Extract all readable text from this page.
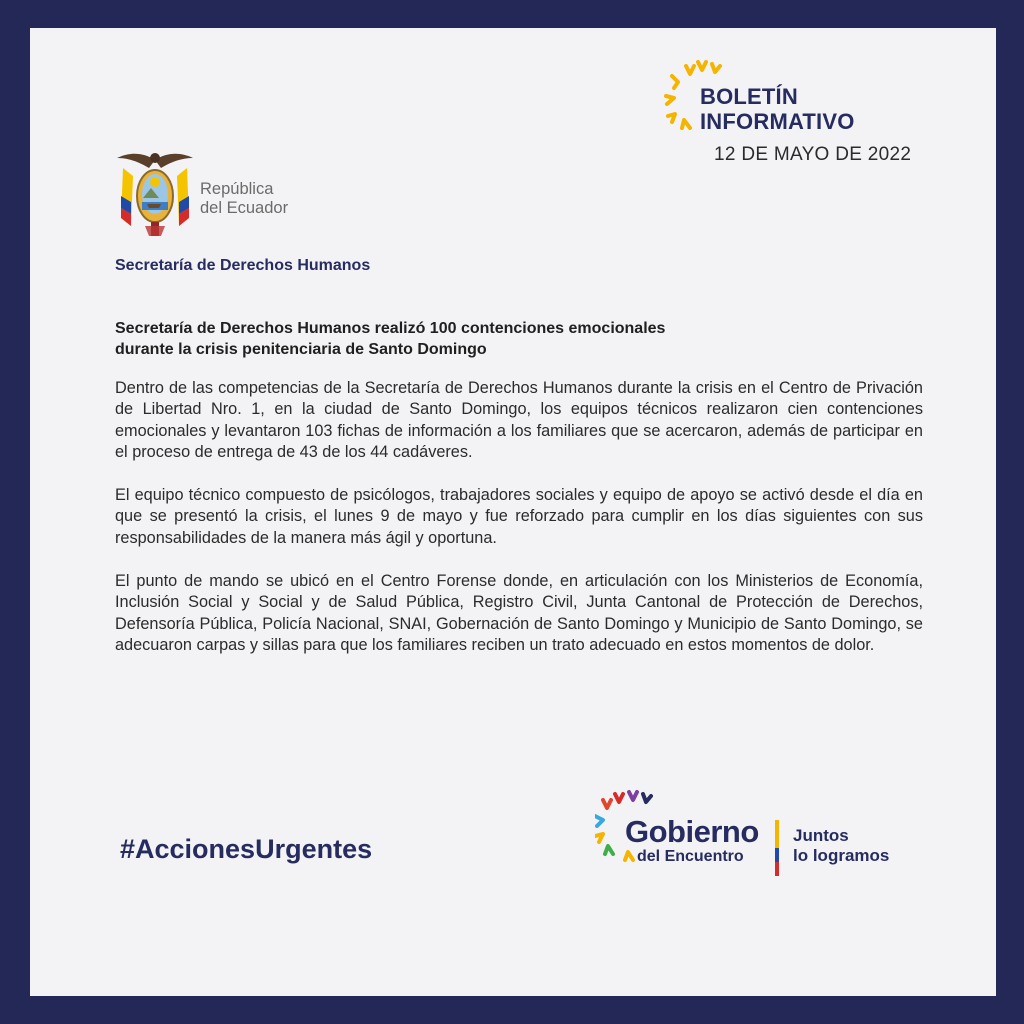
BOLETÍN
INFORMATIVO
12 DE MAYO DE 2022
República
del Ecuador
Secretaría de Derechos Humanos
Secretaría de Derechos Humanos realizó 100 contenciones emocionales
durante la crisis penitenciaria de Santo Domingo

Dentro de las competencias de la Secretaría de Derechos Humanos durante la crisis en el Centro de Privación de Libertad Nro. 1, en la ciudad de Santo Domingo, los equipos técnicos realizaron cien contenciones emocionales y levantaron 103 fichas de información a los familiares que se acercaron, además de participar en el proceso de entrega de 43 de los 44 cadáveres.

El equipo técnico compuesto de psicólogos, trabajadores sociales y equipo de apoyo se activó desde el día en que se presentó la crisis, el lunes 9 de mayo y fue reforzado para cumplir en los días siguientes con sus responsabilidades de la manera más ágil y oportuna.

El punto de mando se ubicó en el Centro Forense donde, en articulación con los Ministerios de Economía, Inclusión Social y Social y de Salud Pública, Registro Civil, Junta Cantonal de Protección de Derechos, Defensoría Pública, Policía Nacional, SNAI, Gobernación de Santo Domingo y Municipio de Santo Domingo, se adecuaron carpas y sillas para que los familiares reciben un trato adecuado en estos momentos de dolor.

#AccionesUrgentes	Gobierno
del Encuentro
Juntos
lo logramos
